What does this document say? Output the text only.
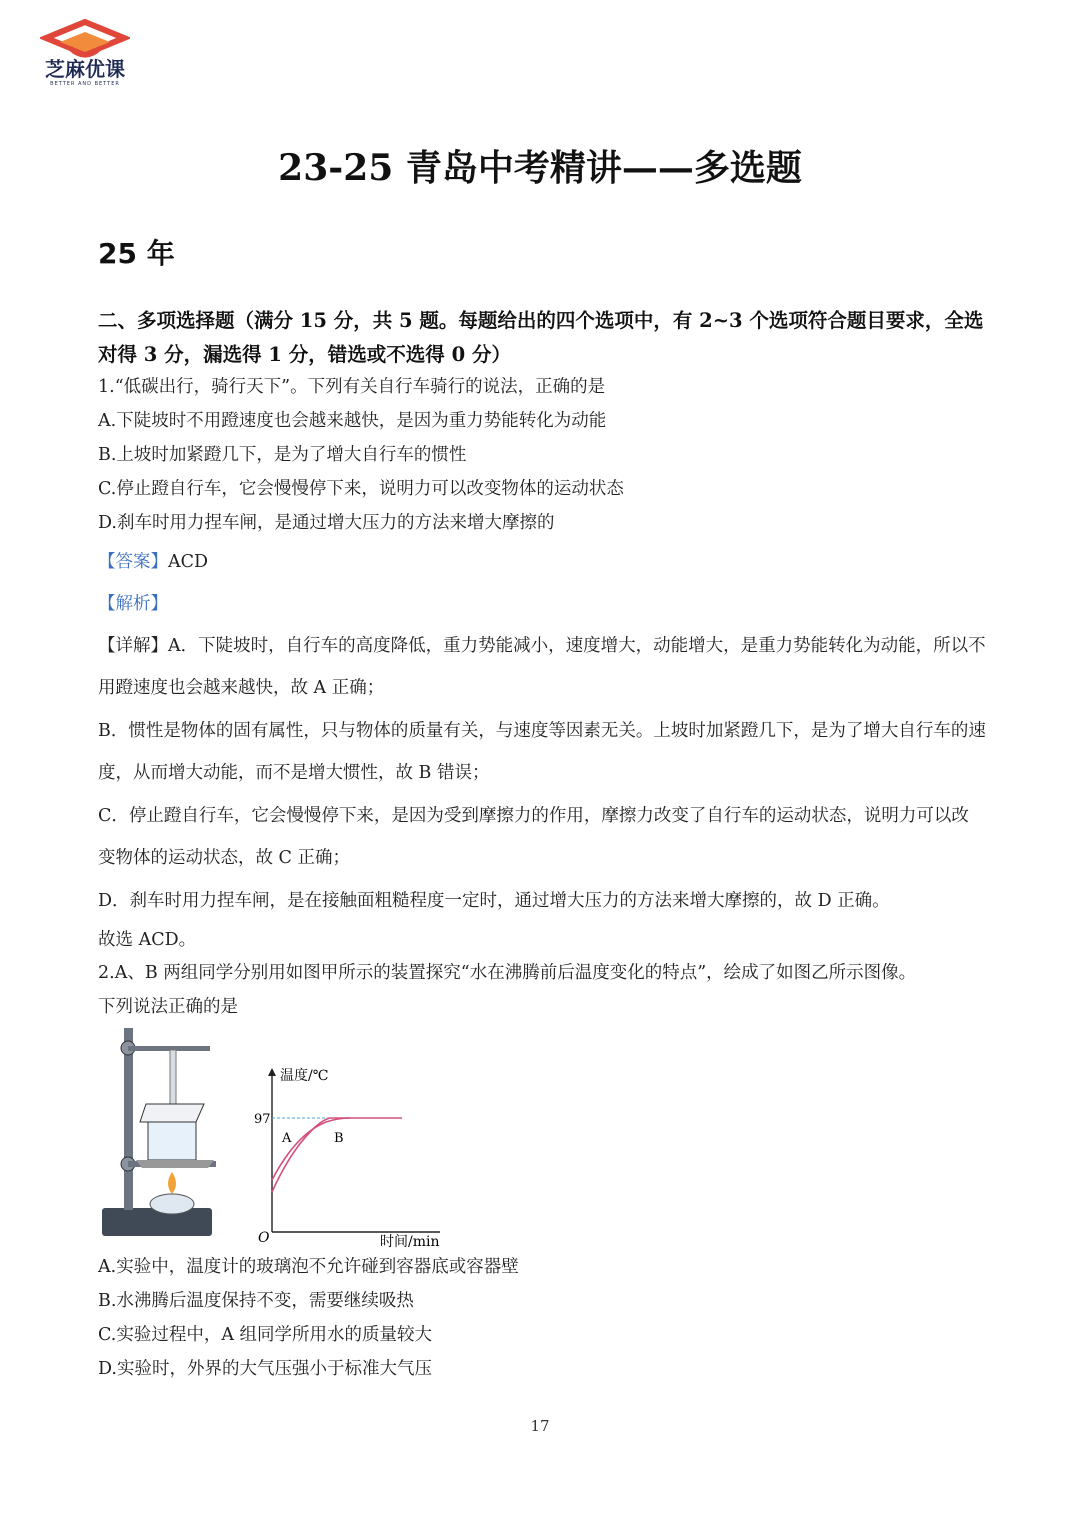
芝麻优课
BETTER AND BETTER
23-25 青岛中考精讲——多选题
25 年
二、多项选择题（满分 15 分，共 5 题。每题给出的四个选项中，有 2~3 个选项符合题目要求，全选对得 3 分，漏选得 1 分，错选或不选得 0 分）
1.“低碳出行，骑行天下”。下列有关自行车骑行的说法，正确的是
A.下陡坡时不用蹬速度也会越来越快，是因为重力势能转化为动能
B.上坡时加紧蹬几下，是为了增大自行车的惯性
C.停止蹬自行车，它会慢慢停下来，说明力可以改变物体的运动状态
D.刹车时用力捏车闸，是通过增大压力的方法来增大摩擦的
【答案】ACD
【解析】
【详解】A．下陡坡时，自行车的高度降低，重力势能减小，速度增大，动能增大，是重力势能转化为动能，所以不用蹬速度也会越来越快，故 A 正确；
B．惯性是物体的固有属性，只与物体的质量有关，与速度等因素无关。上坡时加紧蹬几下，是为了增大自行车的速度，从而增大动能，而不是增大惯性，故 B 错误；
C．停止蹬自行车，它会慢慢停下来，是因为受到摩擦力的作用，摩擦力改变了自行车的运动状态，说明力可以改变物体的运动状态，故 C 正确；
D．刹车时用力捏车闸，是在接触面粗糙程度一定时，通过增大压力的方法来增大摩擦的，故 D 正确。
故选 ACD。
2.A、B 两组同学分别用如图甲所示的装置探究“水在沸腾前后温度变化的特点”，绘成了如图乙所示图像。
下列说法正确的是
温度/℃
97
A	B
O	时间/min
A.实验中，温度计的玻璃泡不允许碰到容器底或容器壁
B.水沸腾后温度保持不变，需要继续吸热
C.实验过程中，A 组同学所用水的质量较大
D.实验时，外界的大气压强小于标准大气压
17
